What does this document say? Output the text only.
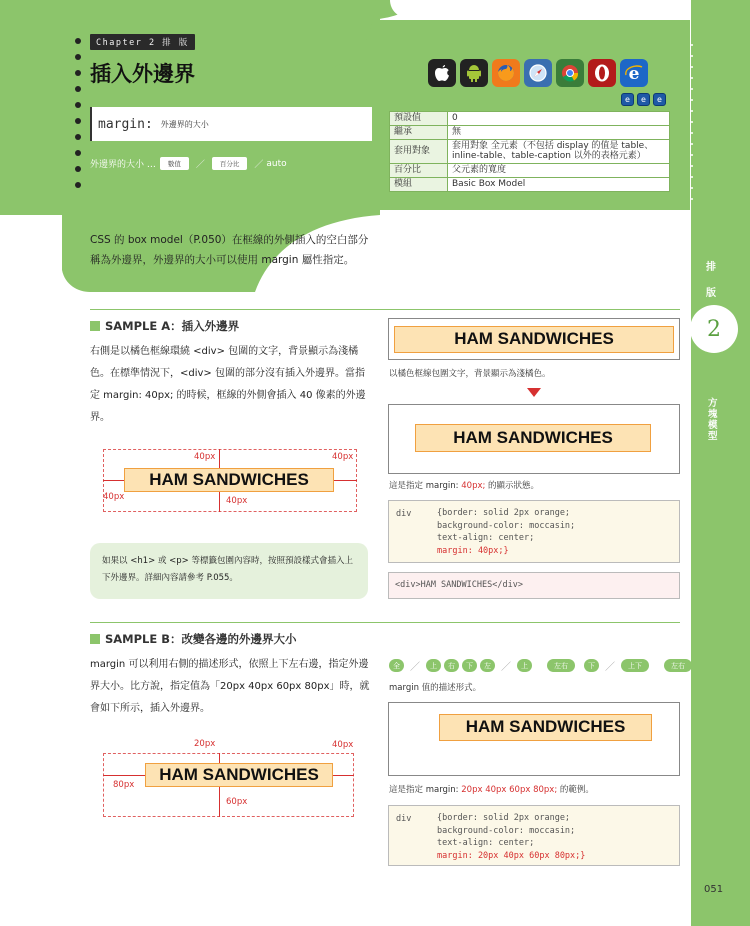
Chapter 2 排 版
插入外邊界
margin: 外邊界的大小
外邊界的大小 …	數值	／	百分比	／ auto
e
e	e	e
預設值	0
繼承	無
套用對象	套用對象 全元素（不包括 display 的值是 table、inline-table、table-caption 以外的表格元素）
百分比	父元素的寬度
模組	Basic Box Model
CSS 的 box model（P.050）在框線的外側插入的空白部分稱為外邊界，外邊界的大小可以使用 margin 屬性指定。
排
版
2
方塊模型
051
SAMPLE A：插入外邊界
右側是以橘色框線環繞 <div> 包圍的文字，背景顯示為淺橘色。在標準情況下，<div> 包圍的部分沒有插入外邊界。當指定 margin: 40px; 的時候，框線的外側會插入 40 像素的外邊界。
HAM SANDWICHES
40px	40px
40px	40px
如果以 <h1> 或 <p> 等標籤包圍內容時，按照預設樣式會插入上下外邊界。詳細內容請參考 P.055。
HAM SANDWICHES
以橘色框線包圍文字，背景顯示為淺橘色。
HAM SANDWICHES
這是指定 margin: 40px; 的顯示狀態。
div	{border: solid 2px orange;
background-color: moccasin;
text-align: center;
margin: 40px;}
<div>HAM SANDWICHES</div>
SAMPLE B：改變各邊的外邊界大小
margin 可以利用右側的描述形式，依照上下左右邊，指定外邊界大小。比方說，指定值為「20px 40px 60px 80px」時，就會如下所示，插入外邊界。
HAM SANDWICHES
20px	40px
80px
60px
全	／	上	右	下	左	／	上	左右	下	／	上下	左右
margin 值的描述形式。
HAM SANDWICHES
這是指定 margin: 20px 40px 60px 80px; 的範例。
div	{border: solid 2px orange;
background-color: moccasin;
text-align: center;
margin: 20px 40px 60px 80px;}
